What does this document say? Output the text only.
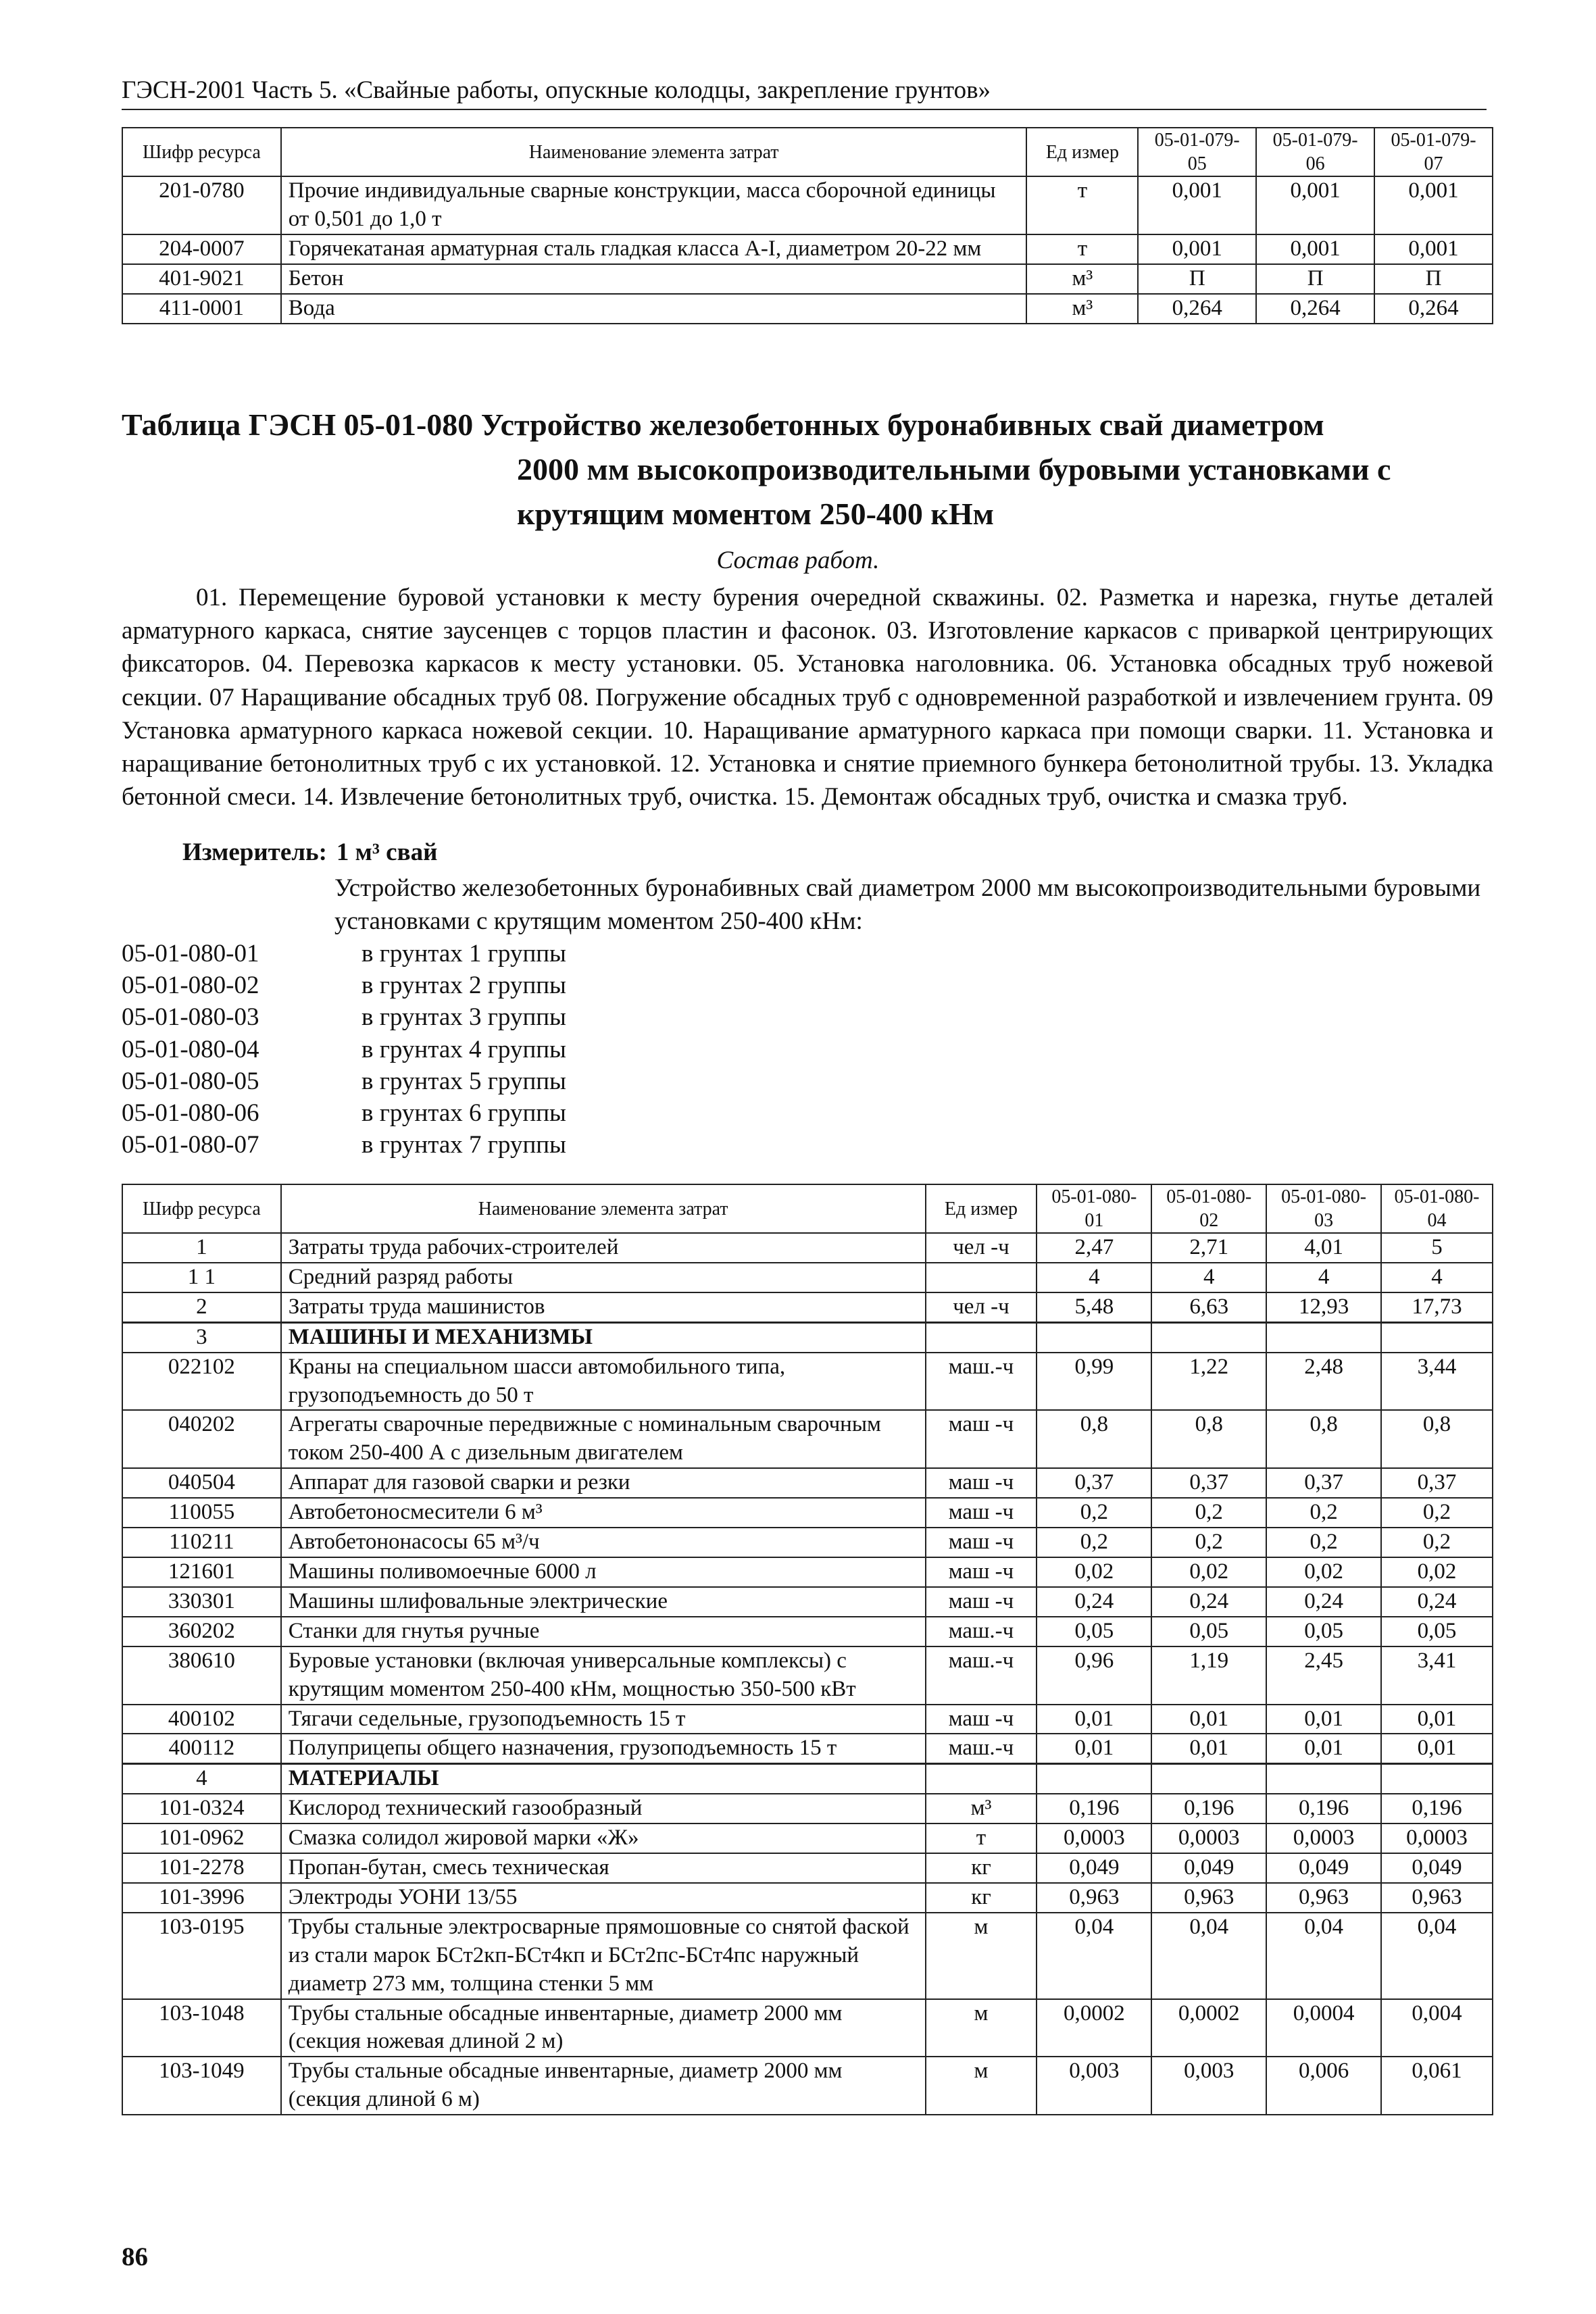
ГЭСН-2001 Часть 5. «Свайные работы, опускные колодцы, закрепление грунтов»
Шифр ресурса	Наименование элемента затрат	Ед измер	05-01-079-05	05-01-079-06	05-01-079-07
201-0780	Прочие индивидуальные сварные конструкции, масса сборочной единицы от 0,501 до 1,0 т	т	0,001	0,001	0,001
204-0007	Горячекатаная арматурная сталь гладкая класса А-I, диаметром 20-22 мм	т	0,001	0,001	0,001
401-9021	Бетон	м³	П	П	П
411-0001	Вода	м³	0,264	0,264	0,264
Таблица ГЭСН 05-01-080 Устройство железобетонных буронабивных свай диаметром
2000 мм высокопроизводительными буровыми установками с
крутящим моментом 250-400 кНм
Состав работ.
01. Перемещение буровой установки к месту бурения очередной скважины. 02. Разметка и нарезка, гнутье деталей арматурного каркаса, снятие заусенцев с торцов пластин и фасонок. 03. Изготовление каркасов с приваркой центрирующих фиксаторов. 04. Перевозка каркасов к месту установки. 05. Установка наголовника. 06. Установка обсадных труб ножевой секции. 07 Наращивание обсадных труб 08. Погружение обсадных труб с одновременной разработкой и извлечением грунта. 09 Установка арматурного каркаса ножевой секции. 10. Наращивание арматурного каркаса при помощи сварки. 11. Установка и наращивание бетонолитных труб с их установкой. 12. Установка и снятие приемного бункера бетонолитной трубы. 13. Укладка бетонной смеси. 14. Извлечение бетонолитных труб, очистка. 15. Демонтаж обсадных труб, очистка и смазка труб.
Измеритель: 1 м³ свай
Устройство железобетонных буронабивных свай диаметром 2000 мм высокопроизводительными буровыми установками с крутящим моментом 250-400 кНм:
05-01-080-01	в грунтах 1 группы
05-01-080-02	в грунтах 2 группы
05-01-080-03	в грунтах 3 группы
05-01-080-04	в грунтах 4 группы
05-01-080-05	в грунтах 5 группы
05-01-080-06	в грунтах 6 группы
05-01-080-07	в грунтах 7 группы
Шифр ресурса	Наименование элемента затрат	Ед измер	05-01-080-01	05-01-080-02	05-01-080-03	05-01-080-04
1	Затраты труда рабочих-строителей	чел -ч	2,47	2,71	4,01	5
1 1	Средний разряд работы		4	4	4	4
2	Затраты труда машинистов	чел -ч	5,48	6,63	12,93	17,73
3	МАШИНЫ И МЕХАНИЗМЫ					
022102	Краны на специальном шасси автомобильного типа, грузоподъемность до 50 т	маш.-ч	0,99	1,22	2,48	3,44
040202	Агрегаты сварочные передвижные с номинальным сварочным током 250-400 А с дизельным двигателем	маш -ч	0,8	0,8	0,8	0,8
040504	Аппарат для газовой сварки и резки	маш -ч	0,37	0,37	0,37	0,37
110055	Автобетоносмесители 6 м³	маш -ч	0,2	0,2	0,2	0,2
110211	Автобетононасосы 65 м³/ч	маш -ч	0,2	0,2	0,2	0,2
121601	Машины поливомоечные 6000 л	маш -ч	0,02	0,02	0,02	0,02
330301	Машины шлифовальные электрические	маш -ч	0,24	0,24	0,24	0,24
360202	Станки для гнутья ручные	маш.-ч	0,05	0,05	0,05	0,05
380610	Буровые установки (включая универсальные комплексы) с крутящим моментом 250-400 кНм, мощностью 350-500 кВт	маш.-ч	0,96	1,19	2,45	3,41
400102	Тягачи седельные, грузоподъемность 15 т	маш -ч	0,01	0,01	0,01	0,01
400112	Полуприцепы общего назначения, грузоподъемность 15 т	маш.-ч	0,01	0,01	0,01	0,01
4	МАТЕРИАЛЫ					
101-0324	Кислород технический газообразный	м³	0,196	0,196	0,196	0,196
101-0962	Смазка солидол жировой марки «Ж»	т	0,0003	0,0003	0,0003	0,0003
101-2278	Пропан-бутан, смесь техническая	кг	0,049	0,049	0,049	0,049
101-3996	Электроды УОНИ 13/55	кг	0,963	0,963	0,963	0,963
103-0195	Трубы стальные электросварные прямошовные со снятой фаской из стали марок БСт2кп-БСт4кп и БСт2пс-БСт4пс наружный диаметр 273 мм, толщина стенки 5 мм	м	0,04	0,04	0,04	0,04
103-1048	Трубы стальные обсадные инвентарные, диаметр 2000 мм (секция ножевая длиной 2 м)	м	0,0002	0,0002	0,0004	0,004
103-1049	Трубы стальные обсадные инвентарные, диаметр 2000 мм (секция длиной 6 м)	м	0,003	0,003	0,006	0,061
86
